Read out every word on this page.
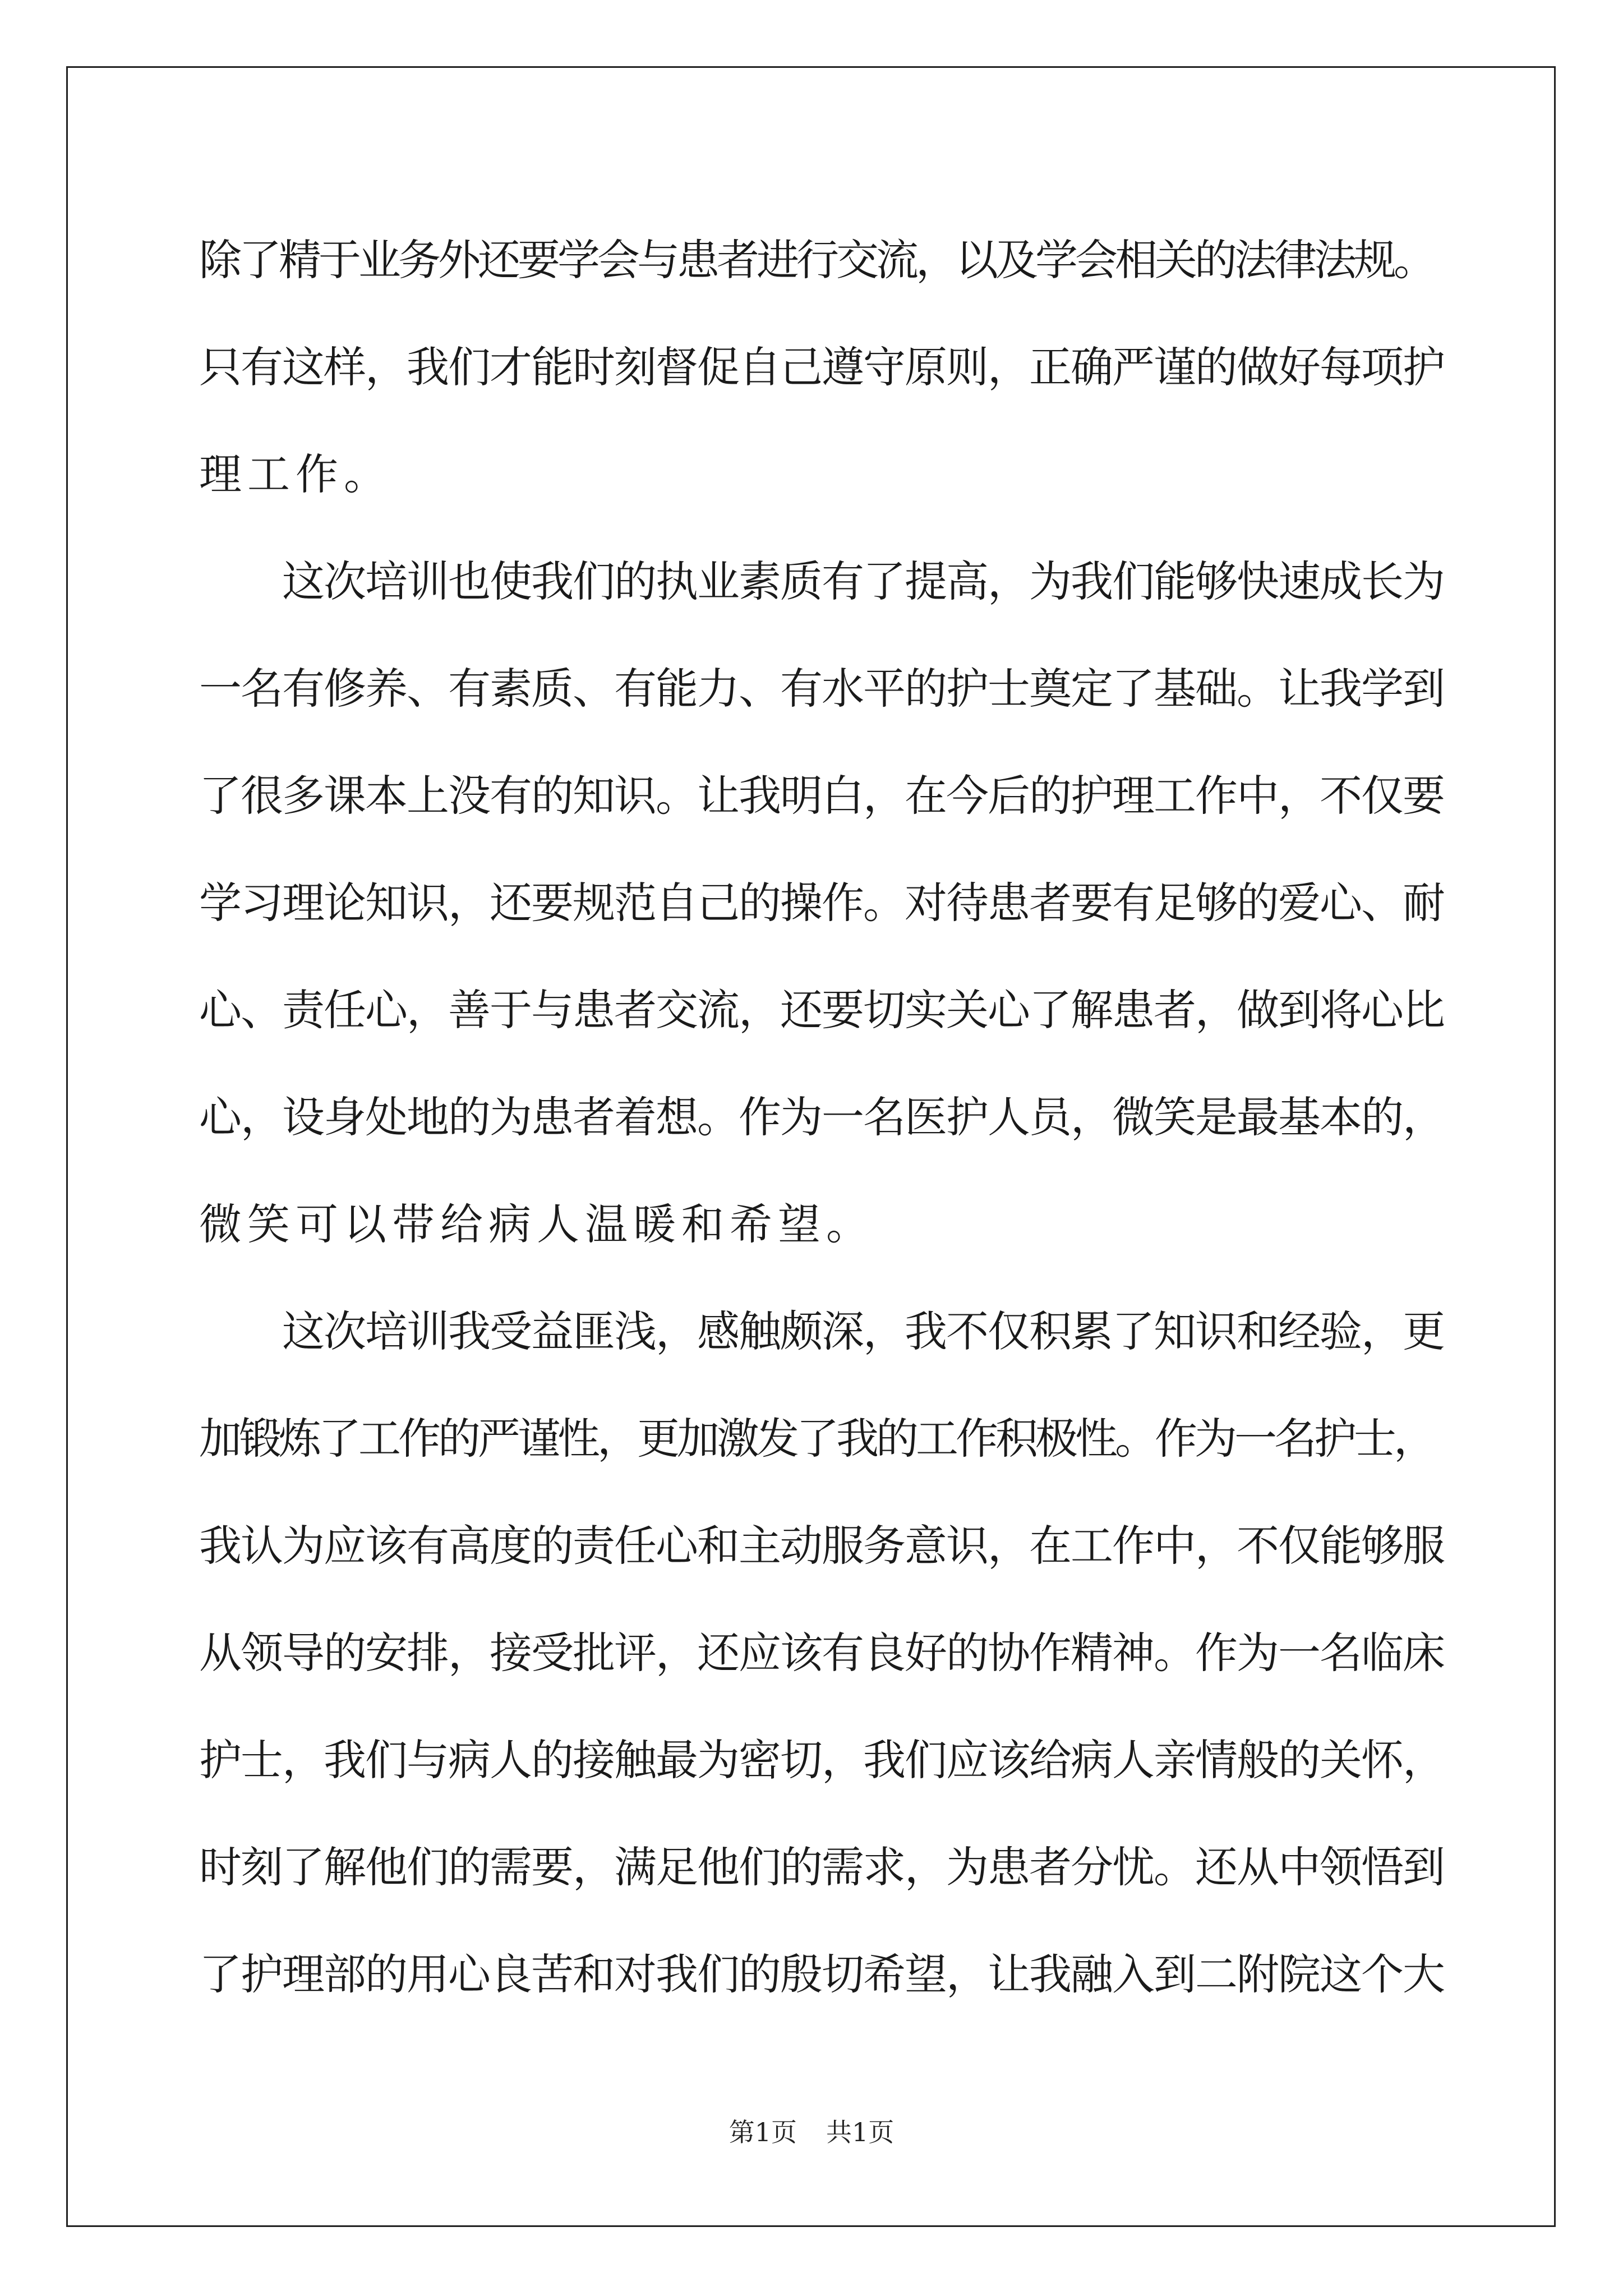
除了精于业务外还要学会与患者进行交流，以及学会相关的法律法规。
只有这样，我们才能时刻督促自己遵守原则，正确严谨的做好每项护
理工作。
　　这次培训也使我们的执业素质有了提高，为我们能够快速成长为
一名有修养、有素质、有能力、有水平的护士奠定了基础。让我学到
了很多课本上没有的知识。让我明白，在今后的护理工作中，不仅要
学习理论知识，还要规范自己的操作。对待患者要有足够的爱心、耐
心、责任心，善于与患者交流，还要切实关心了解患者，做到将心比
心，设身处地的为患者着想。作为一名医护人员，微笑是最基本的，
微笑可以带给病人温暖和希望。
　　这次培训我受益匪浅，感触颇深，我不仅积累了知识和经验，更
加锻炼了工作的严谨性，更加激发了我的工作积极性。作为一名护士，
我认为应该有高度的责任心和主动服务意识，在工作中，不仅能够服
从领导的安排，接受批评，还应该有良好的协作精神。作为一名临床
护士，我们与病人的接触最为密切，我们应该给病人亲情般的关怀，
时刻了解他们的需要，满足他们的需求，为患者分忧。还从中领悟到
了护理部的用心良苦和对我们的殷切希望，让我融入到二附院这个大
第1页 共1页
